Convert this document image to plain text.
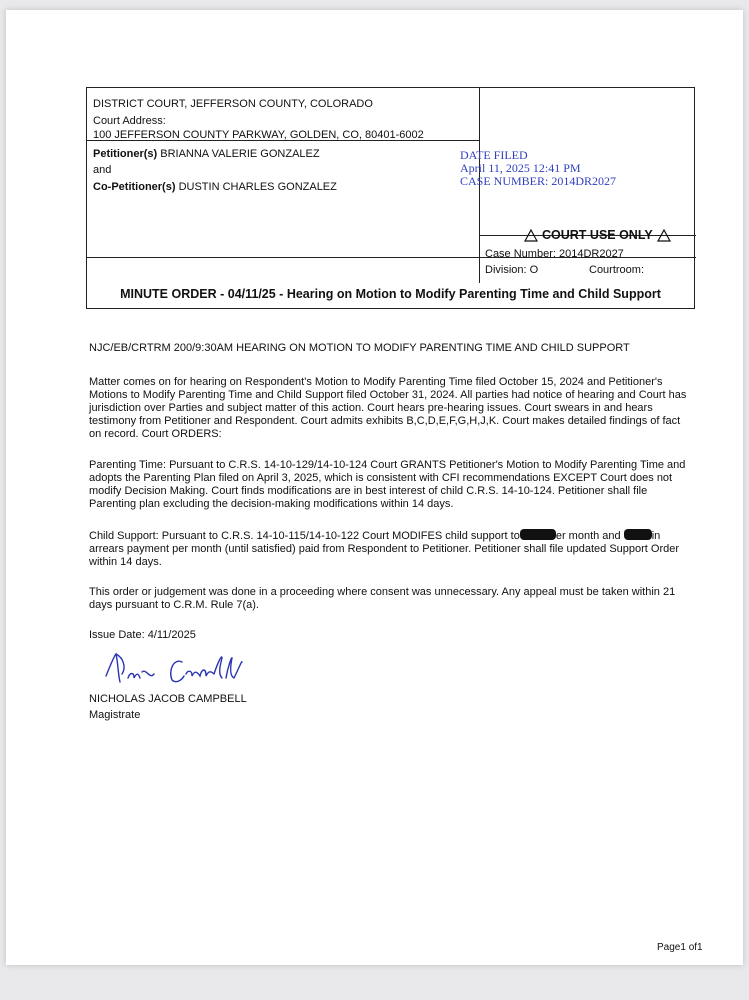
DISTRICT COURT, JEFFERSON COUNTY, COLORADO
Court Address:
100 JEFFERSON COUNTY PARKWAY, GOLDEN, CO, 80401-6002
Petitioner(s) BRIANNA VALERIE GONZALEZ
and
Co-Petitioner(s) DUSTIN CHARLES GONZALEZ
DATE FILED
April 11, 2025 12:41 PM
CASE NUMBER: 2014DR2027
COURT USE ONLY
Case Number: 2014DR2027
Division: O	Courtroom:
MINUTE ORDER - 04/11/25 - Hearing on Motion to Modify Parenting Time and Child Support
NJC/EB/CRTRM 200/9:30AM HEARING ON MOTION TO MODIFY PARENTING TIME AND CHILD SUPPORT
Matter comes on for hearing on Respondent's Motion to Modify Parenting Time filed October 15, 2024 and Petitioner's Motions to Modify Parenting Time and Child Support filed October 31, 2024. All parties had notice of hearing and Court has jurisdiction over Parties and subject matter of this action. Court hears pre-hearing issues. Court swears in and hears testimony from Petitioner and Respondent. Court admits exhibits B,C,D,E,F,G,H,J,K. Court makes detailed findings of fact on record. Court ORDERS:
Parenting Time: Pursuant to C.R.S. 14-10-129/14-10-124 Court GRANTS Petitioner's Motion to Modify Parenting Time and adopts the Parenting Plan filed on April 3, 2025, which is consistent with CFI recommendations EXCEPT Court does not modify Decision Making. Court finds modifications are in best interest of child C.R.S. 14-10-124. Petitioner shall file Parenting plan excluding the decision-making modifications within 14 days.
Child Support: Pursuant to C.R.S. 14-10-115/14-10-122 Court MODIFES child support to	er month and	in arrears payment per month (until satisfied) paid from Respondent to Petitioner. Petitioner shall file updated Support Order within 14 days.
This order or judgement was done in a proceeding where consent was unnecessary. Any appeal must be taken within 21 days pursuant to C.R.M. Rule 7(a).
Issue Date: 4/11/2025
NICHOLAS JACOB CAMPBELL
Magistrate
Page1 of1
